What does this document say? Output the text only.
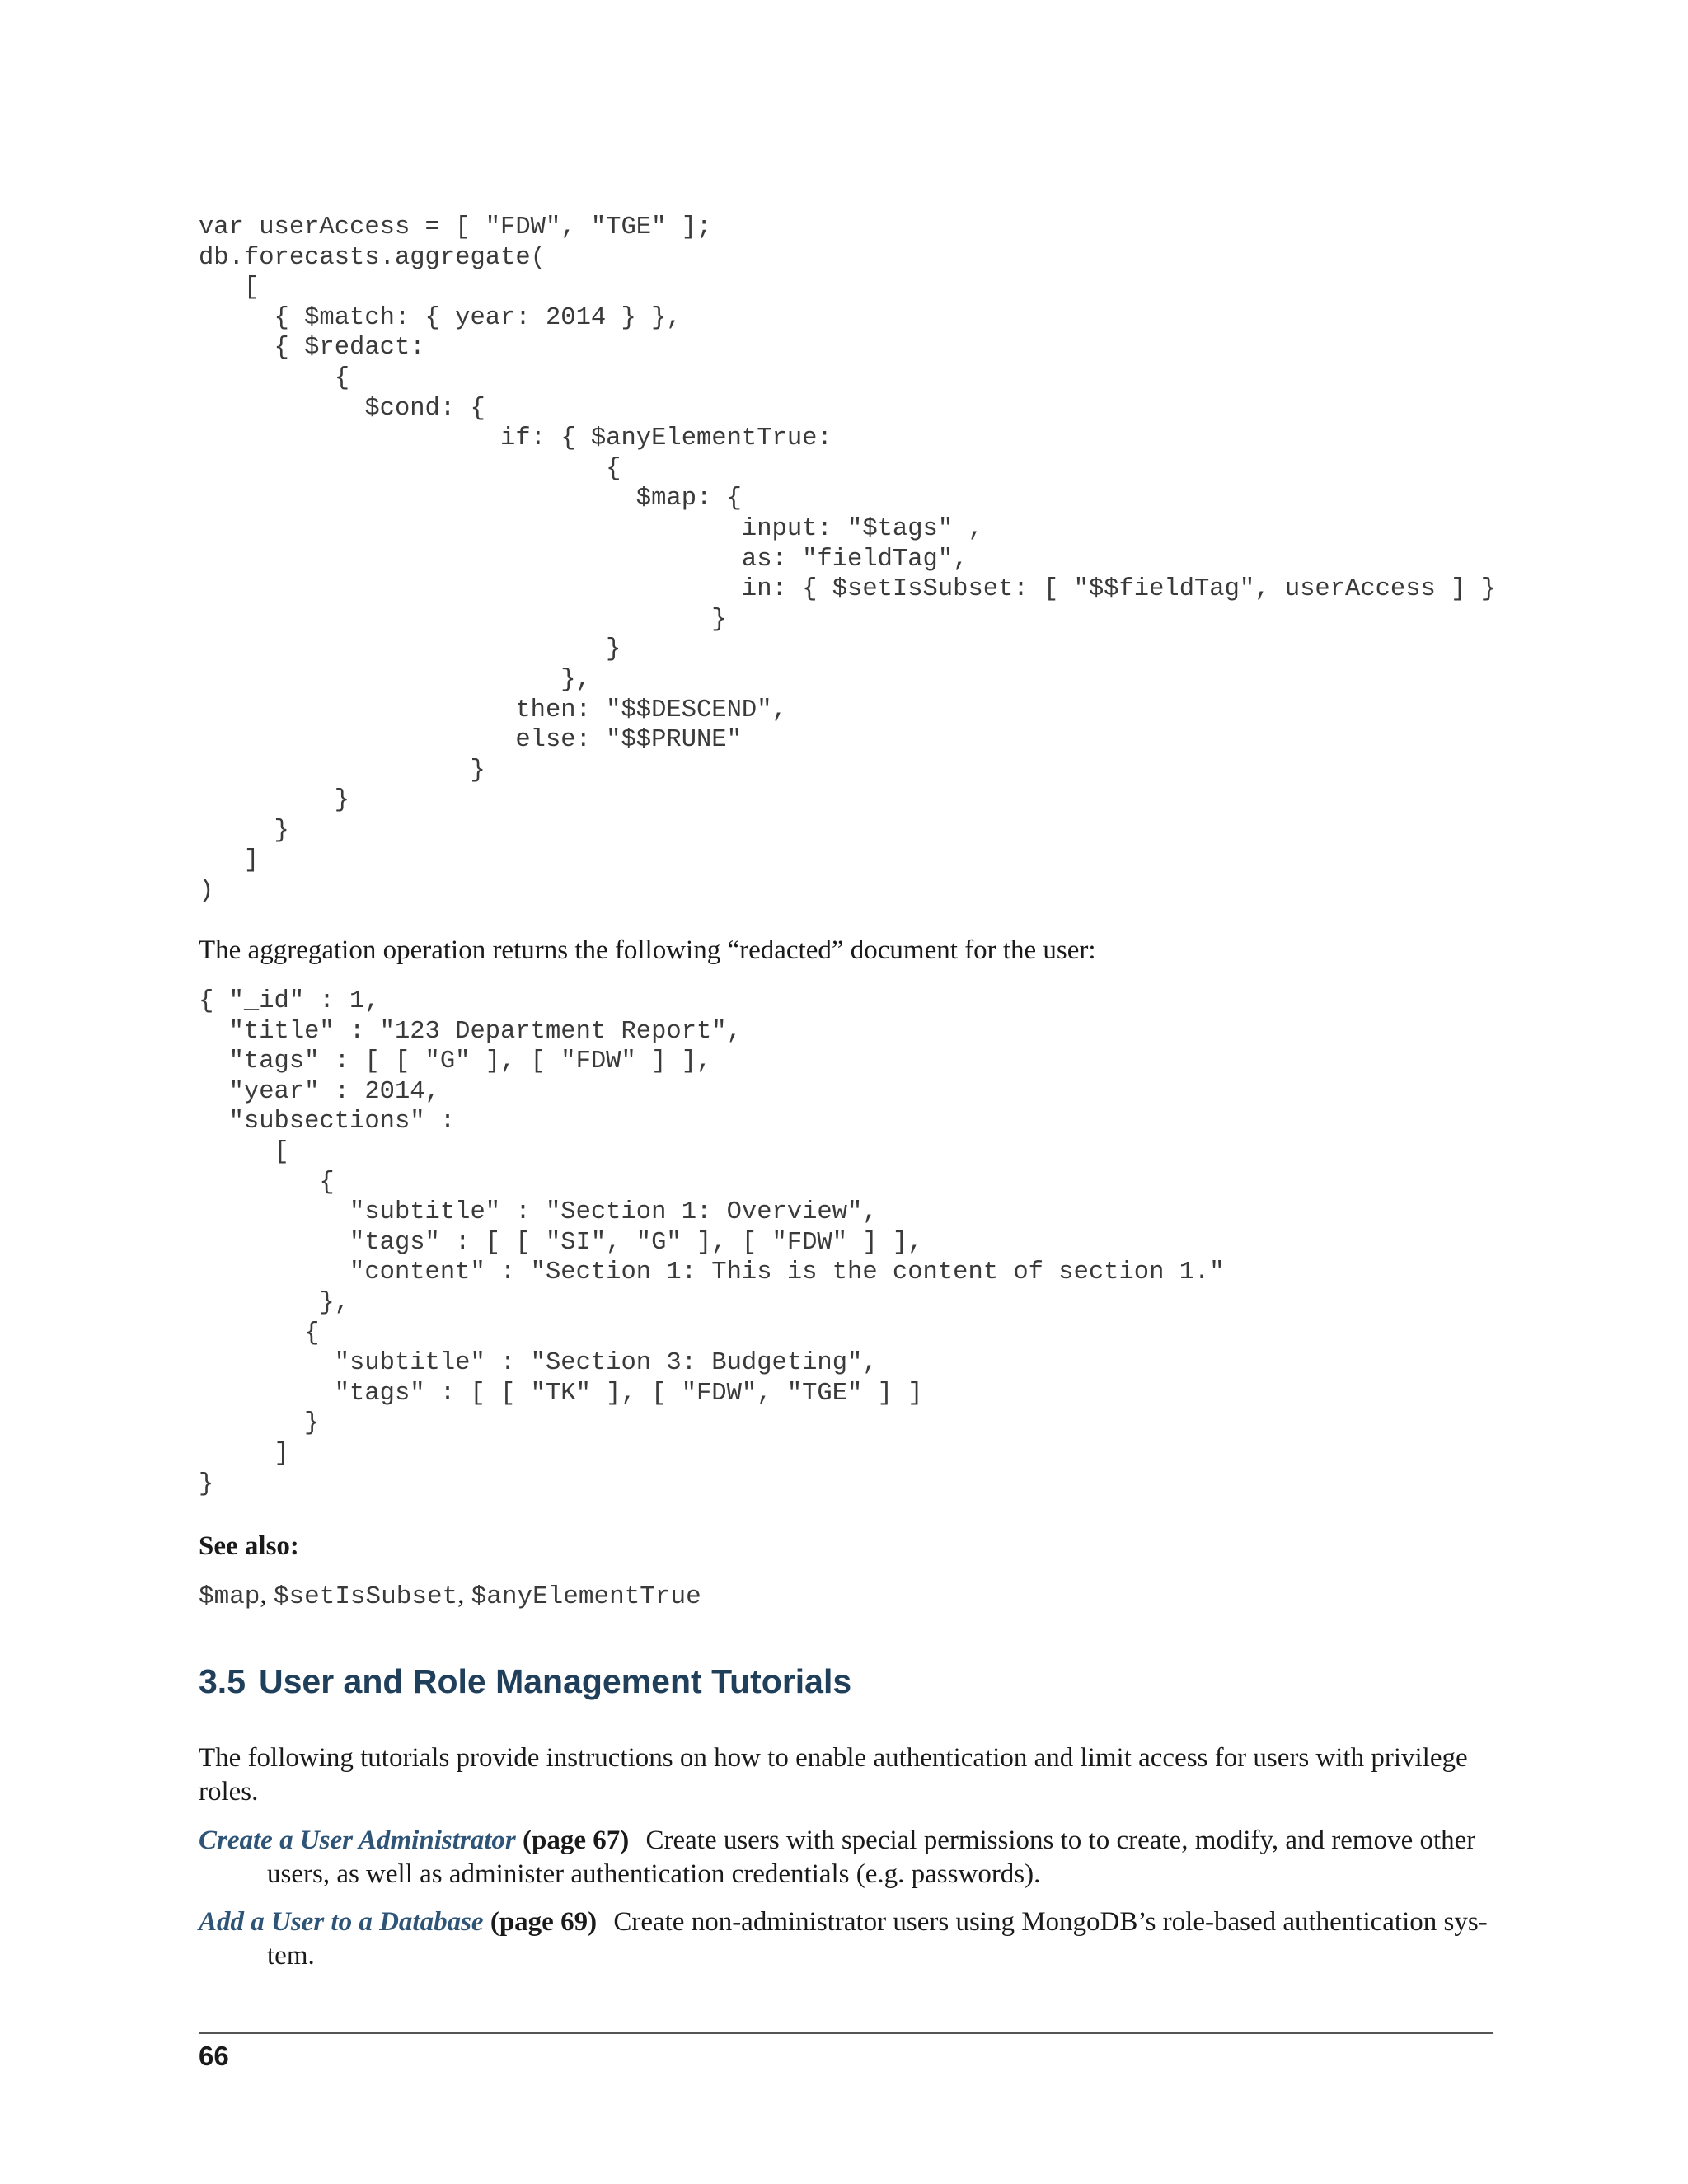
var userAccess = [ "FDW", "TGE" ];
db.forecasts.aggregate(
[
{ $match: { year: 2014 } },
{ $redact:
{
$cond: {
if: { $anyElementTrue:
{
$map: {
input: "$tags" ,
as: "fieldTag",
in: { $setIsSubset: [ "$$fieldTag", userAccess ] }
}
}
},
then: "$$DESCEND",
else: "$$PRUNE"
}
}
}
]
)

The aggregation operation returns the following “redacted” document for the user:

{ "_id" : 1,
"title" : "123 Department Report",
"tags" : [ [ "G" ], [ "FDW" ] ],
"year" : 2014,
"subsections" :
[
{
"subtitle" : "Section 1: Overview",
"tags" : [ [ "SI", "G" ], [ "FDW" ] ],
"content" : "Section 1: This is the content of section 1."
},
{
"subtitle" : "Section 3: Budgeting",
"tags" : [ [ "TK" ], [ "FDW", "TGE" ] ]
}
]
}

See also:

$map, $setIsSubset, $anyElementTrue

3.5 User and Role Management Tutorials

The following tutorials provide instructions on how to enable authentication and limit access for users with privilege roles.

Create a User Administrator (page 67) Create users with special permissions to to create, modify, and remove other users, as well as administer authentication credentials (e.g. passwords).

Add a User to a Database (page 69) Create non-administrator users using MongoDB’s role-based authentication sys-tem.

66
